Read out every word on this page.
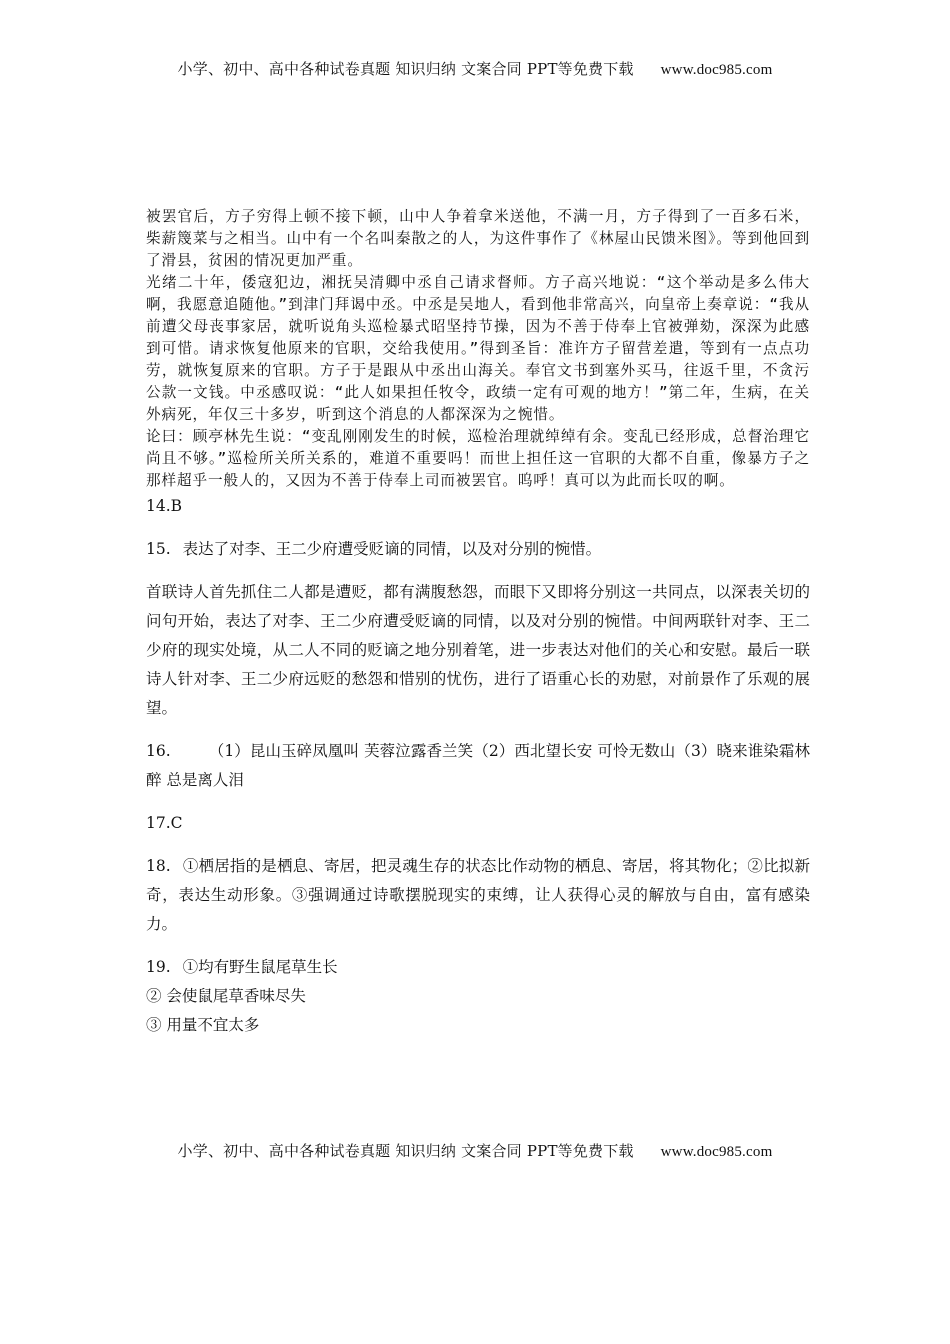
小学、初中、高中各种试卷真题 知识归纳 文案合同 PPT等免费下载 www.doc985.com

被罢官后，方子穷得上顿不接下顿，山中人争着拿米送他，不满一月，方子得到了一百多石米，柴薪篾菜与之相当。山中有一个名叫秦散之的人，为这件事作了《林屋山民馈米图》。等到他回到了滑县，贫困的情况更加严重。

光绪二十年，倭寇犯边，湘抚吴清卿中丞自己请求督师。方子高兴地说：“这个举动是多么伟大啊，我愿意追随他。”到津门拜谒中丞。中丞是吴地人，看到他非常高兴，向皇帝上奏章说：“我从前遭父母丧事家居，就听说角头巡检暴式昭坚持节操，因为不善于侍奉上官被弹劾，深深为此感到可惜。请求恢复他原来的官职，交给我使用。”得到圣旨：准许方子留营差遣，等到有一点点功劳，就恢复原来的官职。方子于是跟从中丞出山海关。奉官文书到塞外买马，往返千里，不贪污公款一文钱。中丞感叹说：“此人如果担任牧令，政绩一定有可观的地方！”第二年，生病，在关外病死，年仅三十多岁，听到这个消息的人都深深为之惋惜。

论曰：顾亭林先生说：“变乱刚刚发生的时候，巡检治理就绰绰有余。变乱已经形成，总督治理它尚且不够。”巡检所关所关系的，难道不重要吗！而世上担任这一官职的大都不自重，像暴方子之那样超乎一般人的，又因为不善于侍奉上司而被罢官。呜呼！真可以为此而长叹的啊。

14.B

15. 表达了对李、王二少府遭受贬谪的同情，以及对分别的惋惜。

首联诗人首先抓住二人都是遭贬，都有满腹愁怨，而眼下又即将分别这一共同点，以深表关切的问句开始，表达了对李、王二少府遭受贬谪的同情，以及对分别的惋惜。中间两联针对李、王二少府的现实处境，从二人不同的贬谪之地分别着笔，进一步表达对他们的关心和安慰。最后一联诗人针对李、王二少府远贬的愁怨和惜别的忧伤，进行了语重心长的劝慰，对前景作了乐观的展望。

16. （1）昆山玉碎凤凰叫 芙蓉泣露香兰笑（2）西北望长安 可怜无数山（3）晓来谁染霜林醉 总是离人泪

17.C

18. ①栖居指的是栖息、寄居，把灵魂生存的状态比作动物的栖息、寄居，将其物化；②比拟新奇，表达生动形象。③强调通过诗歌摆脱现实的束缚，让人获得心灵的解放与自由，富有感染力。

19. ①均有野生鼠尾草生长

② 会使鼠尾草香味尽失

③ 用量不宜太多

小学、初中、高中各种试卷真题 知识归纳 文案合同 PPT等免费下载 www.doc985.com
